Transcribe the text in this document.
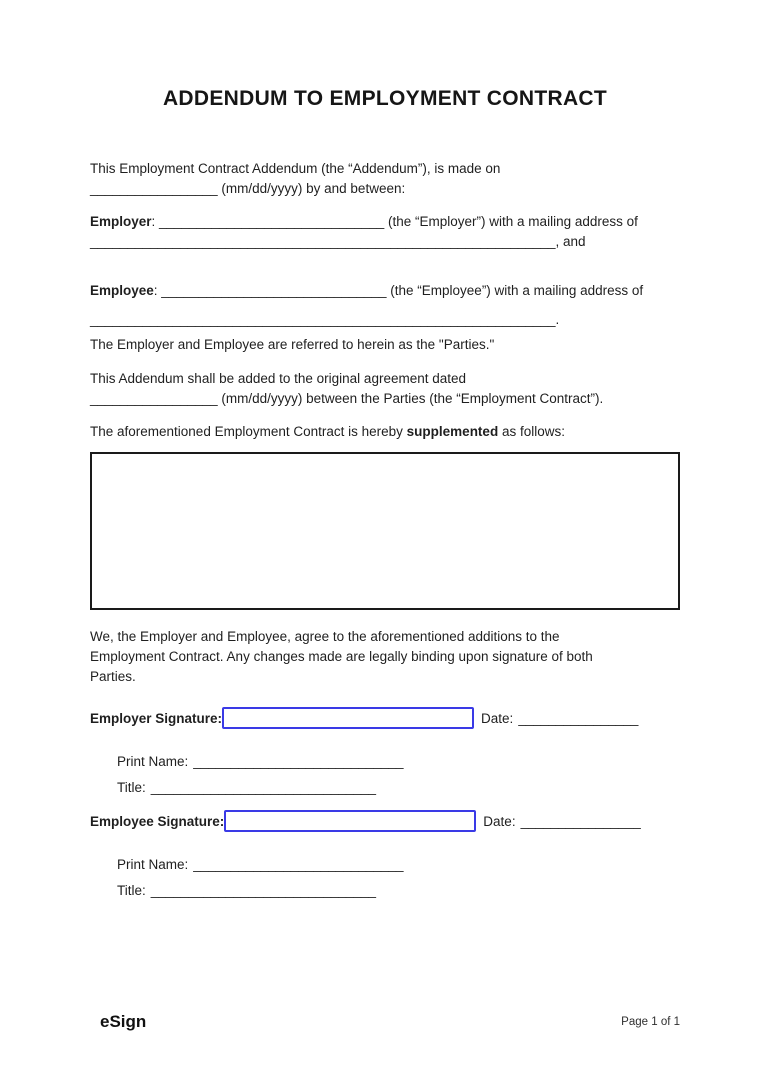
ADDENDUM TO EMPLOYMENT CONTRACT
This Employment Contract Addendum (the “Addendum”), is made on
_________________ (mm/dd/yyyy) by and between:
Employer: ______________________________ (the “Employer”) with a mailing address of
______________________________________________________________, and
Employee: ______________________________ (the “Employee”) with a mailing address of
______________________________________________________________.
The Employer and Employee are referred to herein as the "Parties."
This Addendum shall be added to the original agreement dated
_________________ (mm/dd/yyyy) between the Parties (the “Employment Contract”).
The aforementioned Employment Contract is hereby supplemented as follows:
We, the Employer and Employee, agree to the aforementioned additions to the
Employment Contract. Any changes made are legally binding upon signature of both
Parties.
Employer Signature:	Date: ________________
Print Name: ____________________________
Title: ______________________________
Employee Signature:	Date: ________________
Print Name: ____________________________
Title: ______________________________
eSign	Page 1 of 1
